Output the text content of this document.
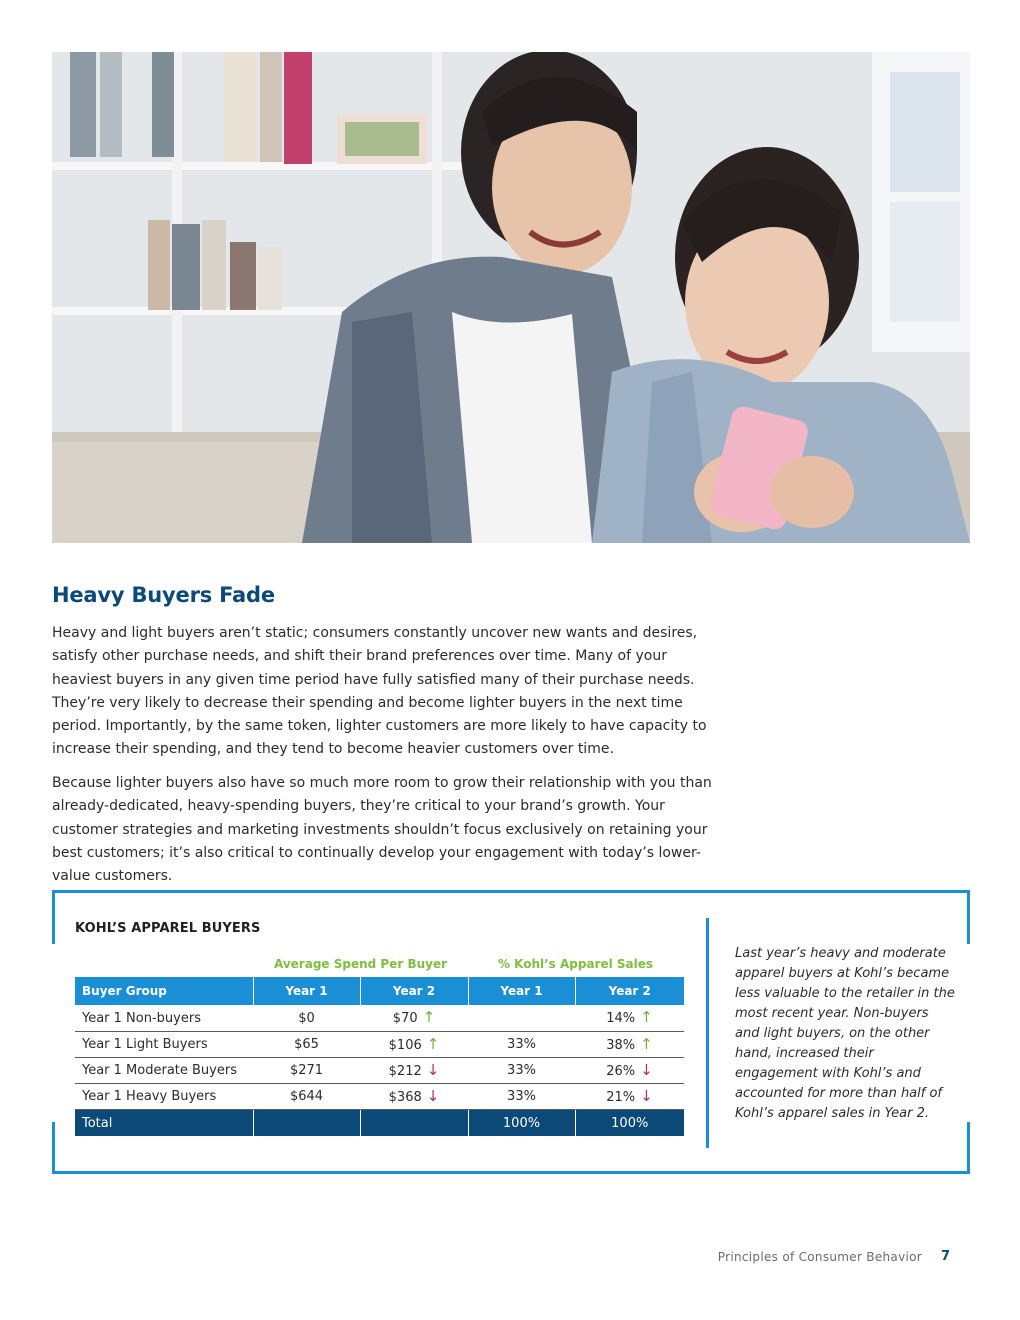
Heavy Buyers Fade

Heavy and light buyers aren’t static; consumers constantly uncover new wants and desires, satisfy other purchase needs, and shift their brand preferences over time. Many of your heaviest buyers in any given time period have fully satisfied many of their purchase needs. They’re very likely to decrease their spending and become lighter buyers in the next time period. Importantly, by the same token, lighter customers are more likely to have capacity to increase their spending, and they tend to become heavier customers over time.

Because lighter buyers also have so much more room to grow their relationship with you than already-dedicated, heavy-spending buyers, they’re critical to your brand’s growth. Your customer strategies and marketing investments shouldn’t focus exclusively on retaining your best customers; it’s also critical to continually develop your engagement with today’s lower-value customers.

KOHL’S APPAREL BUYERS
Average Spend Per Buyer	% Kohl’s Apparel Sales
Buyer Group	Year 1	Year 2	Year 1	Year 2
Year 1 Non-buyers	$0	$70 ↑		14% ↑
Year 1 Light Buyers	$65	$106 ↑	33%	38% ↑
Year 1 Moderate Buyers	$271	$212 ↓	33%	26% ↓
Year 1 Heavy Buyers	$644	$368 ↓	33%	21% ↓
Total			100%	100%

Last year’s heavy and moderate apparel buyers at Kohl’s became less valuable to the retailer in the most recent year. Non-buyers and light buyers, on the other hand, increased their engagement with Kohl’s and accounted for more than half of Kohl’s apparel sales in Year 2.

Principles of Consumer Behavior 7
